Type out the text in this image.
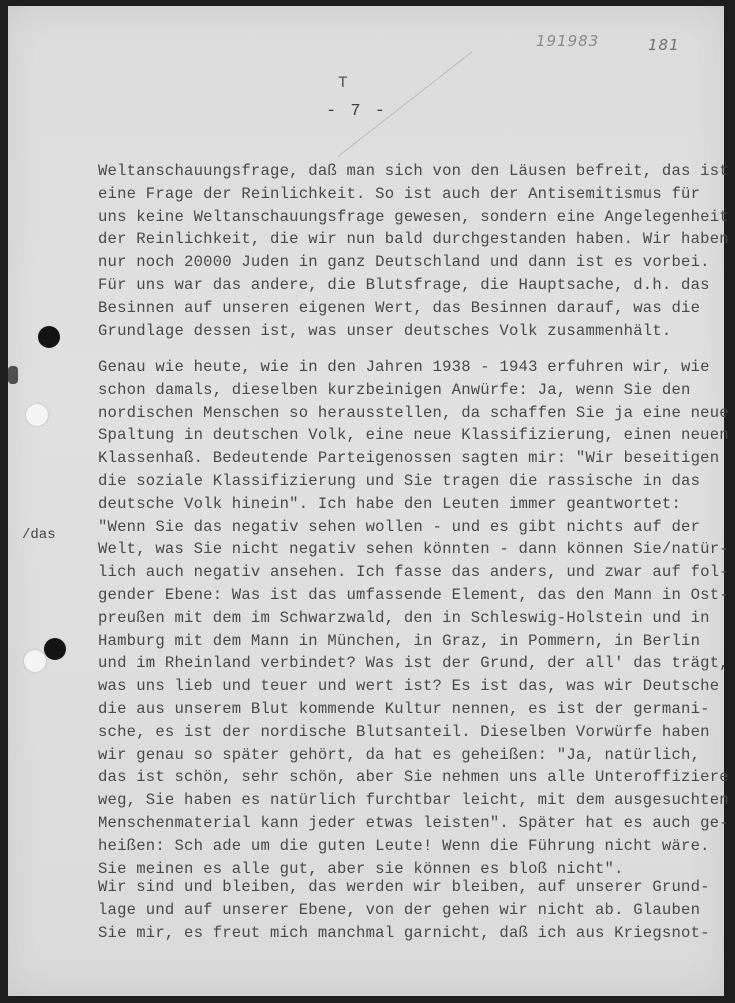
191983	181
T
- 7 -
Weltanschauungsfrage, daß man sich von den Läusen befreit, das ist
eine Frage der Reinlichkeit. So ist auch der Antisemitismus für
uns keine Weltanschauungsfrage gewesen, sondern eine Angelegenheit
der Reinlichkeit, die wir nun bald durchgestanden haben. Wir haben
nur noch 20000 Juden in ganz Deutschland und dann ist es vorbei.
Für uns war das andere, die Blutsfrage, die Hauptsache, d.h. das
Besinnen auf unseren eigenen Wert, das Besinnen darauf, was die
Grundlage dessen ist, was unser deutsches Volk zusammenhält.
Genau wie heute, wie in den Jahren 1938 - 1943 erfuhren wir, wie
schon damals, dieselben kurzbeinigen Anwürfe: Ja, wenn Sie den
nordischen Menschen so herausstellen, da schaffen Sie ja eine neue
Spaltung in deutschen Volk, eine neue Klassifizierung, einen neuen
Klassenhaß. Bedeutende Parteigenossen sagten mir: "Wir beseitigen
die soziale Klassifizierung und Sie tragen die rassische in das
deutsche Volk hinein". Ich habe den Leuten immer geantwortet:
"Wenn Sie das negativ sehen wollen - und es gibt nichts auf der
Welt, was Sie nicht negativ sehen könnten - dann können Sie/natür-
lich auch negativ ansehen. Ich fasse das anders, und zwar auf fol-
gender Ebene: Was ist das umfassende Element, das den Mann in Ost-
preußen mit dem im Schwarzwald, den in Schleswig-Holstein und in
Hamburg mit dem Mann in München, in Graz, in Pommern, in Berlin
und im Rheinland verbindet? Was ist der Grund, der all' das trägt,
was uns lieb und teuer und wert ist? Es ist das, was wir Deutsche
die aus unserem Blut kommende Kultur nennen, es ist der germani-
sche, es ist der nordische Blutsanteil. Dieselben Vorwürfe haben
wir genau so später gehört, da hat es geheißen: "Ja, natürlich,
das ist schön, sehr schön, aber Sie nehmen uns alle Unteroffiziere
weg, Sie haben es natürlich furchtbar leicht, mit dem ausgesuchten
Menschenmaterial kann jeder etwas leisten". Später hat es auch ge-
heißen: Sch ade um die guten Leute! Wenn die Führung nicht wäre.
Sie meinen es alle gut, aber sie können es bloß nicht".
Wir sind und bleiben, das werden wir bleiben, auf unserer Grund-
lage und auf unserer Ebene, von der gehen wir nicht ab. Glauben
Sie mir, es freut mich manchmal garnicht, daß ich aus Kriegsnot-
/das
